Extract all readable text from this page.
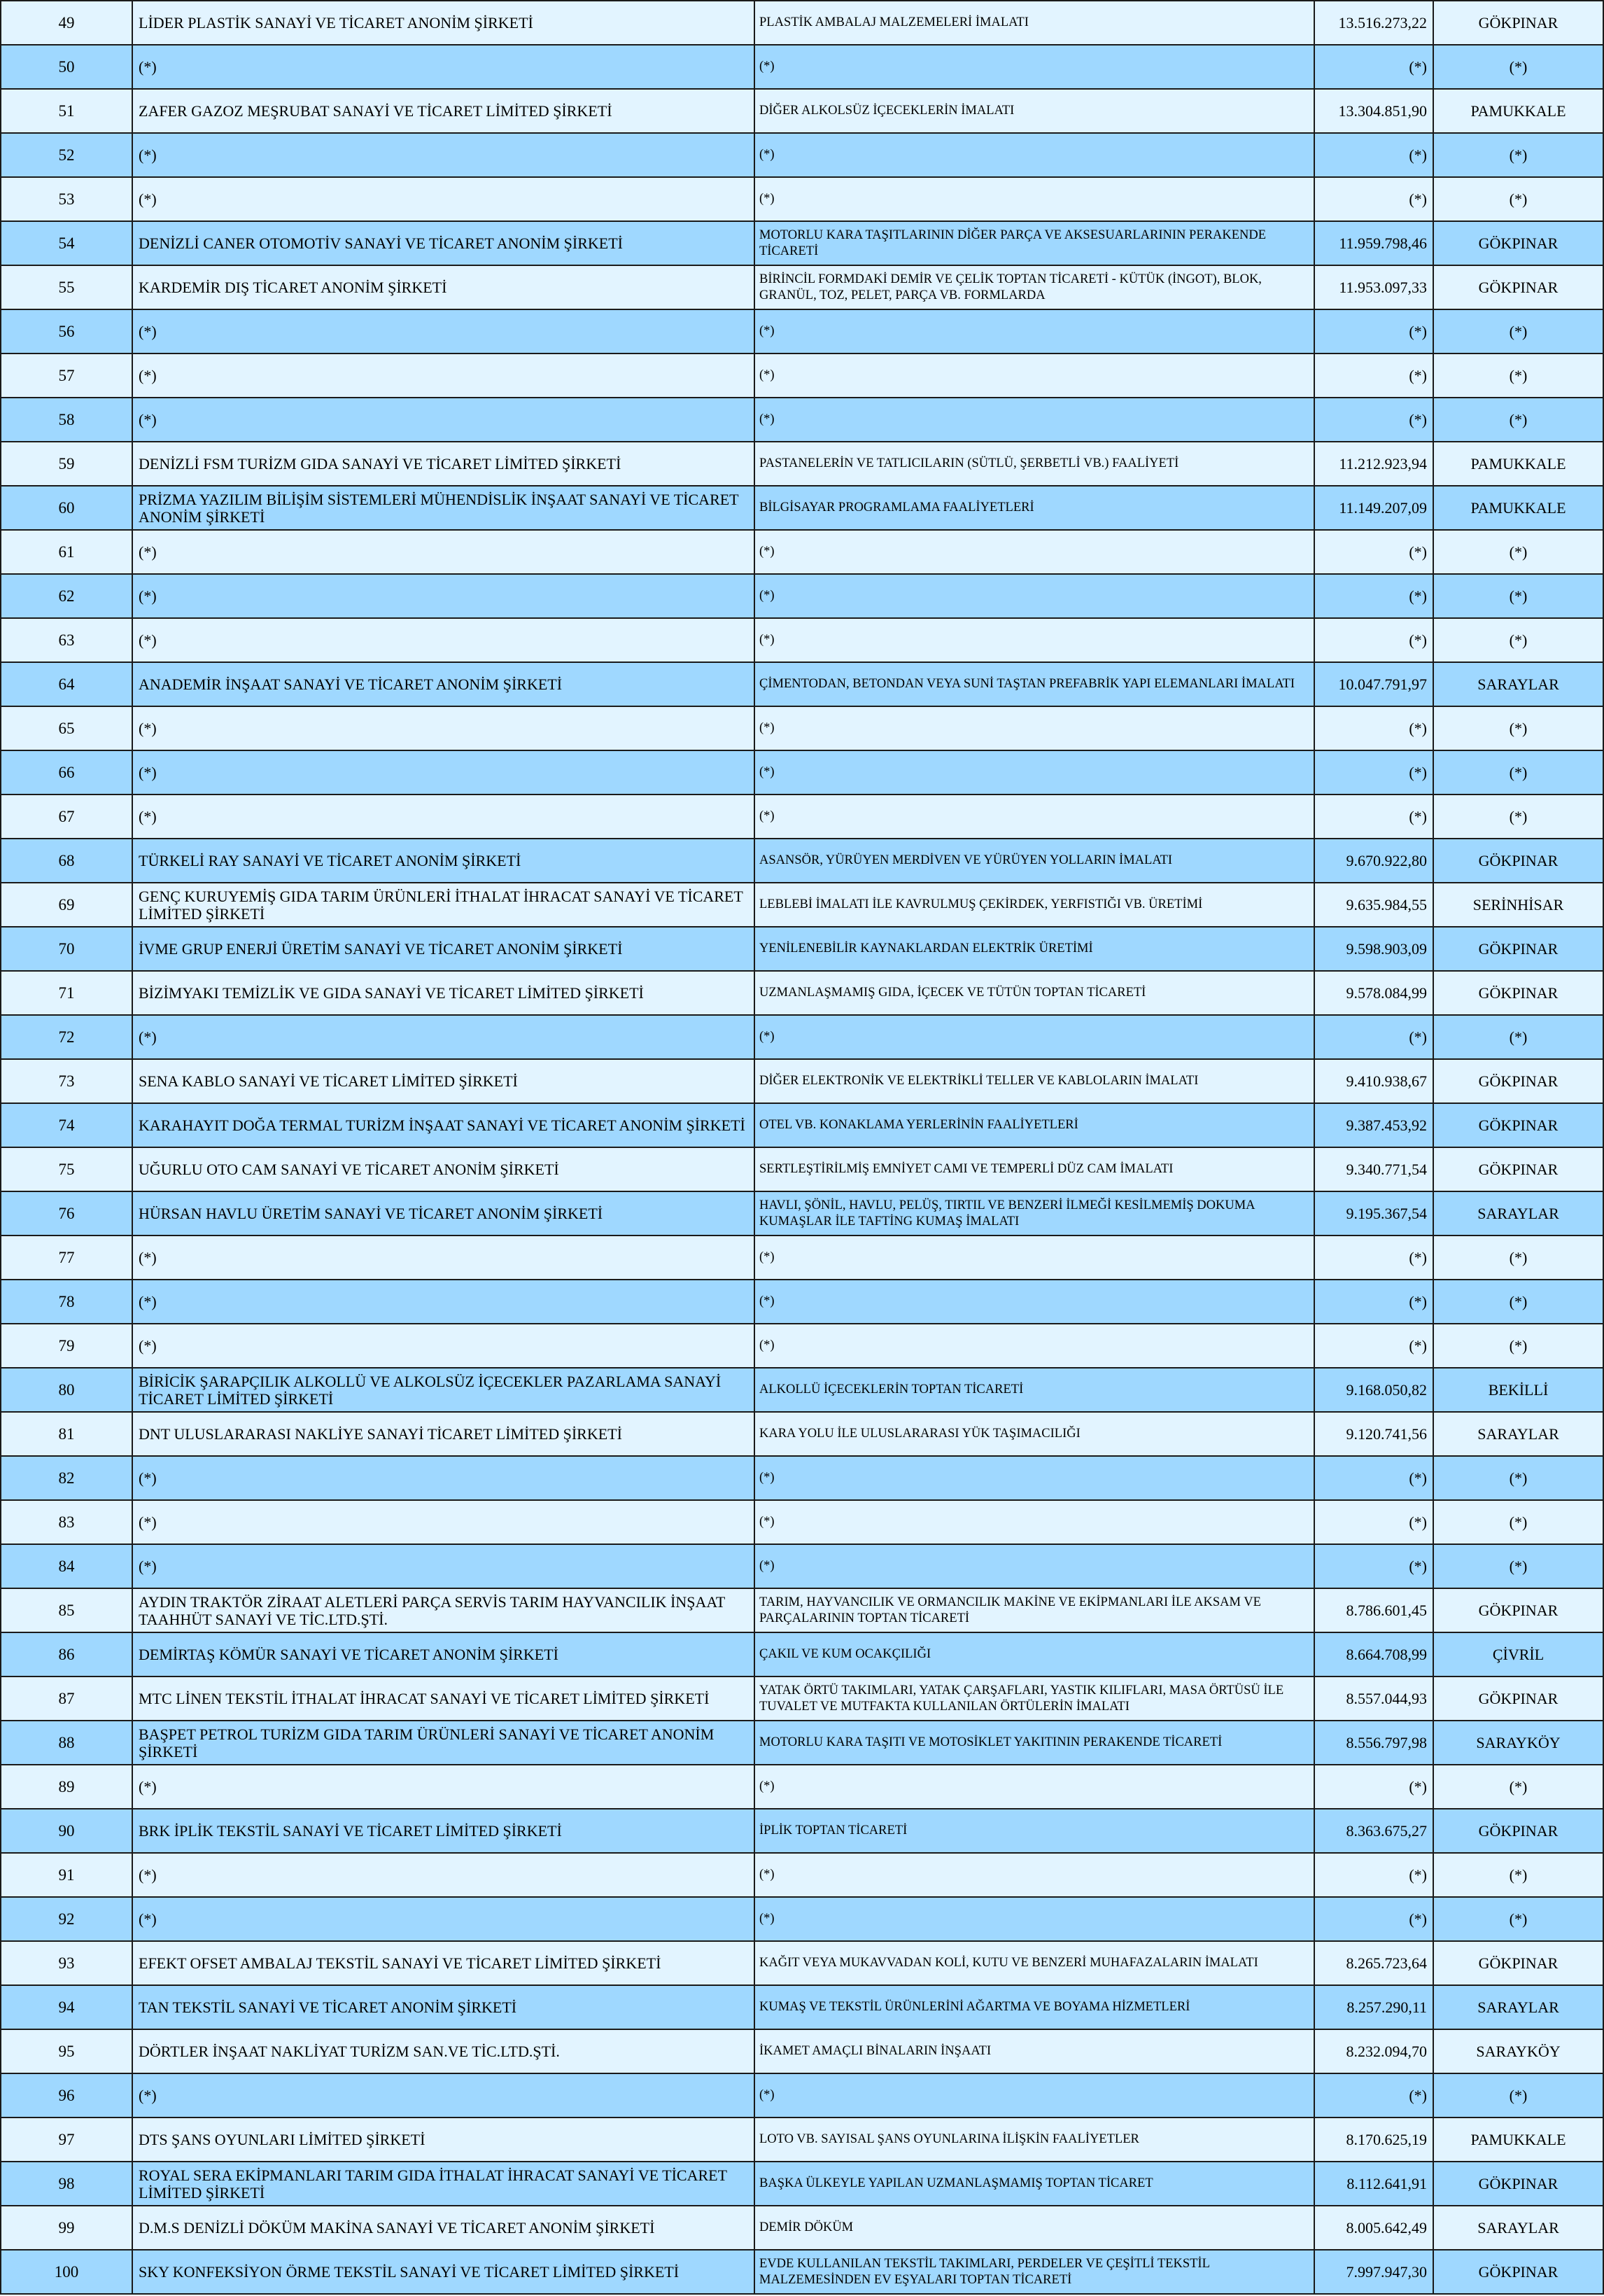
49	LİDER PLASTİK SANAYİ VE TİCARET ANONİM ŞİRKETİ	PLASTİK AMBALAJ MALZEMELERİ İMALATI	13.516.273,22	GÖKPINAR
50	(*)	(*)	(*)	(*)
51	ZAFER GAZOZ MEŞRUBAT SANAYİ VE TİCARET LİMİTED ŞİRKETİ	DİĞER ALKOLSÜZ İÇECEKLERİN İMALATI	13.304.851,90	PAMUKKALE
52	(*)	(*)	(*)	(*)
53	(*)	(*)	(*)	(*)
54	DENİZLİ CANER OTOMOTİV SANAYİ VE TİCARET ANONİM ŞİRKETİ	MOTORLU KARA TAŞITLARININ DİĞER PARÇA VE AKSESUARLARININ PERAKENDE TİCARETİ	11.959.798,46	GÖKPINAR
55	KARDEMİR DIŞ TİCARET ANONİM ŞİRKETİ	BİRİNCİL FORMDAKİ DEMİR VE ÇELİK TOPTAN TİCARETİ - KÜTÜK (İNGOT), BLOK, GRANÜL, TOZ, PELET, PARÇA VB. FORMLARDA	11.953.097,33	GÖKPINAR
56	(*)	(*)	(*)	(*)
57	(*)	(*)	(*)	(*)
58	(*)	(*)	(*)	(*)
59	DENİZLİ FSM TURİZM GIDA SANAYİ VE TİCARET LİMİTED ŞİRKETİ	PASTANELERİN VE TATLICILARIN (SÜTLÜ, ŞERBETLİ VB.) FAALİYETİ	11.212.923,94	PAMUKKALE
60	PRİZMA YAZILIM BİLİŞİM SİSTEMLERİ MÜHENDİSLİK İNŞAAT SANAYİ VE TİCARET ANONİM ŞİRKETİ	BİLGİSAYAR PROGRAMLAMA FAALİYETLERİ	11.149.207,09	PAMUKKALE
61	(*)	(*)	(*)	(*)
62	(*)	(*)	(*)	(*)
63	(*)	(*)	(*)	(*)
64	ANADEMİR İNŞAAT SANAYİ VE TİCARET ANONİM ŞİRKETİ	ÇİMENTODAN, BETONDAN VEYA SUNİ TAŞTAN PREFABRİK YAPI ELEMANLARI İMALATI	10.047.791,97	SARAYLAR
65	(*)	(*)	(*)	(*)
66	(*)	(*)	(*)	(*)
67	(*)	(*)	(*)	(*)
68	TÜRKELİ RAY SANAYİ VE TİCARET ANONİM ŞİRKETİ	ASANSÖR, YÜRÜYEN MERDİVEN VE YÜRÜYEN YOLLARIN İMALATI	9.670.922,80	GÖKPINAR
69	GENÇ KURUYEMİŞ GIDA TARIM ÜRÜNLERİ İTHALAT İHRACAT SANAYİ VE TİCARET LİMİTED ŞİRKETİ	LEBLEBİ İMALATI İLE KAVRULMUŞ ÇEKİRDEK, YERFISTIĞI VB. ÜRETİMİ	9.635.984,55	SERİNHİSAR
70	İVME GRUP ENERJİ ÜRETİM SANAYİ VE TİCARET ANONİM ŞİRKETİ	YENİLENEBİLİR KAYNAKLARDAN ELEKTRİK ÜRETİMİ	9.598.903,09	GÖKPINAR
71	BİZİMYAKI TEMİZLİK VE GIDA SANAYİ VE TİCARET LİMİTED ŞİRKETİ	UZMANLAŞMAMIŞ GIDA, İÇECEK VE TÜTÜN TOPTAN TİCARETİ	9.578.084,99	GÖKPINAR
72	(*)	(*)	(*)	(*)
73	SENA KABLO SANAYİ VE TİCARET LİMİTED ŞİRKETİ	DİĞER ELEKTRONİK VE ELEKTRİKLİ TELLER VE KABLOLARIN İMALATI	9.410.938,67	GÖKPINAR
74	KARAHAYIT DOĞA TERMAL TURİZM İNŞAAT SANAYİ VE TİCARET ANONİM ŞİRKETİ	OTEL VB. KONAKLAMA YERLERİNİN FAALİYETLERİ	9.387.453,92	GÖKPINAR
75	UĞURLU OTO CAM SANAYİ VE TİCARET ANONİM ŞİRKETİ	SERTLEŞTİRİLMİŞ EMNİYET CAMI VE TEMPERLİ DÜZ CAM İMALATI	9.340.771,54	GÖKPINAR
76	HÜRSAN HAVLU ÜRETİM SANAYİ VE TİCARET ANONİM ŞİRKETİ	HAVLI, ŞÖNİL, HAVLU, PELÜŞ, TIRTIL VE BENZERİ İLMEĞİ KESİLMEMİŞ DOKUMA KUMAŞLAR İLE TAFTİNG KUMAŞ İMALATI	9.195.367,54	SARAYLAR
77	(*)	(*)	(*)	(*)
78	(*)	(*)	(*)	(*)
79	(*)	(*)	(*)	(*)
80	BİRİCİK ŞARAPÇILIK ALKOLLÜ VE ALKOLSÜZ İÇECEKLER PAZARLAMA SANAYİ TİCARET LİMİTED ŞİRKETİ	ALKOLLÜ İÇECEKLERİN TOPTAN TİCARETİ	9.168.050,82	BEKİLLİ
81	DNT ULUSLARARASI NAKLİYE SANAYİ TİCARET LİMİTED ŞİRKETİ	KARA YOLU İLE ULUSLARARASI YÜK TAŞIMACILIĞI	9.120.741,56	SARAYLAR
82	(*)	(*)	(*)	(*)
83	(*)	(*)	(*)	(*)
84	(*)	(*)	(*)	(*)
85	AYDIN TRAKTÖR ZİRAAT ALETLERİ PARÇA SERVİS TARIM HAYVANCILIK İNŞAAT TAAHHÜT SANAYİ VE TİC.LTD.ŞTİ.	TARIM, HAYVANCILIK VE ORMANCILIK MAKİNE VE EKİPMANLARI İLE AKSAM VE PARÇALARININ TOPTAN TİCARETİ	8.786.601,45	GÖKPINAR
86	DEMİRTAŞ KÖMÜR SANAYİ VE TİCARET ANONİM ŞİRKETİ	ÇAKIL VE KUM OCAKÇILIĞI	8.664.708,99	ÇİVRİL
87	MTC LİNEN TEKSTİL İTHALAT İHRACAT SANAYİ VE TİCARET LİMİTED ŞİRKETİ	YATAK ÖRTÜ TAKIMLARI, YATAK ÇARŞAFLARI, YASTIK KILIFLARI, MASA ÖRTÜSÜ İLE TUVALET VE MUTFAKTA KULLANILAN ÖRTÜLERİN İMALATI	8.557.044,93	GÖKPINAR
88	BAŞPET PETROL TURİZM GIDA TARIM ÜRÜNLERİ SANAYİ VE TİCARET ANONİM ŞİRKETİ	MOTORLU KARA TAŞITI VE MOTOSİKLET YAKITININ PERAKENDE TİCARETİ	8.556.797,98	SARAYKÖY
89	(*)	(*)	(*)	(*)
90	BRK İPLİK TEKSTİL SANAYİ VE TİCARET LİMİTED ŞİRKETİ	İPLİK TOPTAN TİCARETİ	8.363.675,27	GÖKPINAR
91	(*)	(*)	(*)	(*)
92	(*)	(*)	(*)	(*)
93	EFEKT OFSET AMBALAJ TEKSTİL SANAYİ VE TİCARET LİMİTED ŞİRKETİ	KAĞIT VEYA MUKAVVADAN KOLİ, KUTU VE BENZERİ MUHAFAZALARIN İMALATI	8.265.723,64	GÖKPINAR
94	TAN TEKSTİL SANAYİ VE TİCARET ANONİM ŞİRKETİ	KUMAŞ VE TEKSTİL ÜRÜNLERİNİ AĞARTMA VE BOYAMA HİZMETLERİ	8.257.290,11	SARAYLAR
95	DÖRTLER İNŞAAT NAKLİYAT TURİZM SAN.VE TİC.LTD.ŞTİ.	İKAMET AMAÇLI BİNALARIN İNŞAATI	8.232.094,70	SARAYKÖY
96	(*)	(*)	(*)	(*)
97	DTS ŞANS OYUNLARI LİMİTED ŞİRKETİ	LOTO VB. SAYISAL ŞANS OYUNLARINA İLİŞKİN FAALİYETLER	8.170.625,19	PAMUKKALE
98	ROYAL SERA EKİPMANLARI TARIM GIDA İTHALAT İHRACAT SANAYİ VE TİCARET LİMİTED ŞİRKETİ	BAŞKA ÜLKEYLE YAPILAN UZMANLAŞMAMIŞ TOPTAN TİCARET	8.112.641,91	GÖKPINAR
99	D.M.S DENİZLİ DÖKÜM MAKİNA SANAYİ VE TİCARET ANONİM ŞİRKETİ	DEMİR DÖKÜM	8.005.642,49	SARAYLAR
100	SKY KONFEKSİYON ÖRME TEKSTİL SANAYİ VE TİCARET LİMİTED ŞİRKETİ	EVDE KULLANILAN TEKSTİL TAKIMLARI, PERDELER VE ÇEŞİTLİ TEKSTİL MALZEMESİNDEN EV EŞYALARI TOPTAN TİCARETİ	7.997.947,30	GÖKPINAR
